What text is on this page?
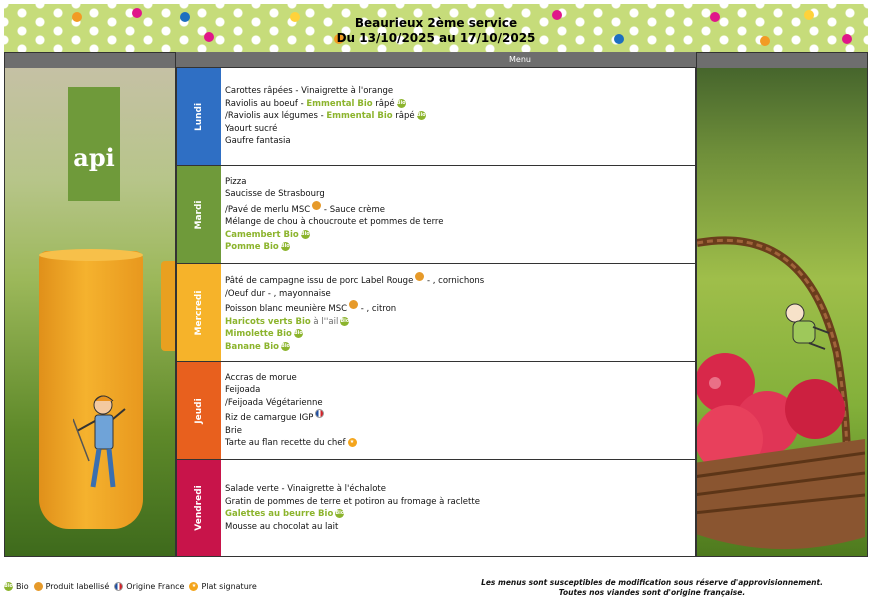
Beaurieux 2ème service
Du 13/10/2025 au 17/10/2025
api
Menu
Lundi
Carottes râpées - Vinaigrette à l'orange
Raviolis au boeuf - Emmental Bio râpé Bio
/Raviolis aux légumes - Emmental Bio râpé Bio
Yaourt sucré
Gaufre fantasia
Mardi
Pizza
Saucisse de Strasbourg
/Pavé de merlu MSC - Sauce crème
Mélange de chou à choucroute et pommes de terre
Camembert Bio Bio
Pomme Bio Bio
Mercredi
Pâté de campagne issu de porc Label Rouge - , cornichons
/Oeuf dur - , mayonnaise
Poisson blanc meunière MSC - , citron
Haricots verts Bio à l''ail Bio
Mimolette Bio Bio
Banane Bio Bio
Jeudi
Accras de morue
Feijoada
/Feijoada Végétarienne
Riz de camargue IGP
Brie
Tarte au flan recette du chef ★
Vendredi Salade verte - Vinaigrette à l'échalote
Gratin de pommes de terre et potiron au fromage à raclette
Galettes au beurre Bio Bio
Mousse au chocolat au lait
Bio Bio Produit labellisé Origine France	★ Plat signature	Les menus sont susceptibles de modification sous réserve d'approvisionnement.
Toutes nos viandes sont d'origine française.
